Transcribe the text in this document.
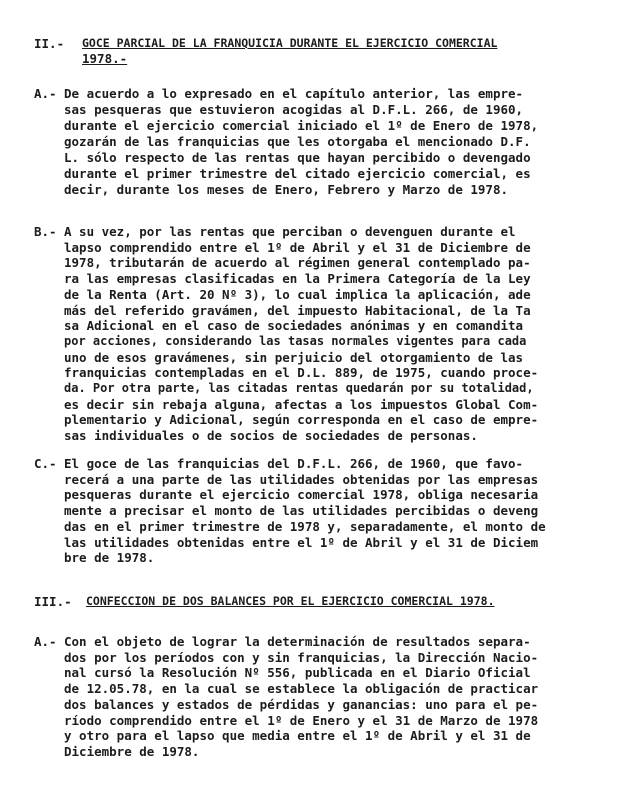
II.- GOCE PARCIAL DE LA FRANQUICIA DURANTE EL EJERCICIO COMERCIAL
1978.-
A.- De acuerdo a lo expresado en el capítulo anterior, las empre-
sas pesqueras que estuvieron acogidas al D.F.L. 266, de 1960,
durante el ejercicio comercial iniciado el 1º de Enero de 1978,
gozarán de las franquicias que les otorgaba el mencionado D.F.
L. sólo respecto de las rentas que hayan percibido o devengado
durante el primer trimestre del citado ejercicio comercial, es
decir, durante los meses de Enero, Febrero y Marzo de 1978.
B.- A su vez, por las rentas que perciban o devenguen durante el
lapso comprendido entre el 1º de Abril y el 31 de Diciembre de
1978, tributarán de acuerdo al régimen general contemplado pa-
ra las empresas clasificadas en la Primera Categoría de la Ley
de la Renta (Art. 20 Nº 3), lo cual implica la aplicación, ade
más del referido gravámen, del impuesto Habitacional, de la Ta
sa Adicional en el caso de sociedades anónimas y en comandita
por acciones, considerando las tasas normales vigentes para cada
uno de esos gravámenes, sin perjuicio del otorgamiento de las
franquicias contempladas en el D.L. 889, de 1975, cuando proce-
da. Por otra parte, las citadas rentas quedarán por su totalidad,
es decir sin rebaja alguna, afectas a los impuestos Global Com-
plementario y Adicional, según corresponda en el caso de empre-
sas individuales o de socios de sociedades de personas.
C.- El goce de las franquicias del D.F.L. 266, de 1960, que favo-
recerá a una parte de las utilidades obtenidas por las empresas
pesqueras durante el ejercicio comercial 1978, obliga necesaria
mente a precisar el monto de las utilidades percibidas o deveng
das en el primer trimestre de 1978 y, separadamente, el monto de
las utilidades obtenidas entre el 1º de Abril y el 31 de Diciem
bre de 1978.
III.- CONFECCION DE DOS BALANCES POR EL EJERCICIO COMERCIAL 1978.
A.- Con el objeto de lograr la determinación de resultados separa-
dos por los períodos con y sin franquicias, la Dirección Nacio-
nal cursó la Resolución Nº 556, publicada en el Diario Oficial
de 12.05.78, en la cual se establece la obligación de practicar
dos balances y estados de pérdidas y ganancias: uno para el pe-
ríodo comprendido entre el 1º de Enero y el 31 de Marzo de 1978
y otro para el lapso que media entre el 1º de Abril y el 31 de
Diciembre de 1978.
